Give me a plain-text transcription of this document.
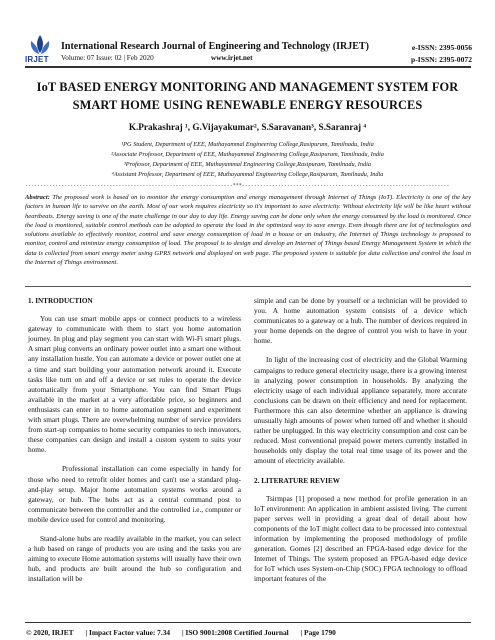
IRJET
International Research Journal of Engineering and Technology (IRJET)
Volume: 07 Issue: 02 | Feb 2020	www.irjet.net
e-ISSN: 2395-0056
p-ISSN: 2395-0072
IoT BASED ENERGY MONITORING AND MANAGEMENT SYSTEM FOR SMART HOME USING RENEWABLE ENERGY RESOURCES
K.Prakashraj ¹, G.Vijayakumar², S.Saravanan³, S.Saranraj ⁴
¹PG Student, Department of EEE, Muthayammal Engineering College,Rasipuram, Tamilnadu, India
²Associate Professor, Department of EEE, Muthayammal Engineering College,Rasipuram, Tamilnadu, India
³Professor, Department of EEE, Muthayammal Engineering College,Rasipuram, Tamilnadu, India
⁴Assistant Professor, Department of EEE, Muthayammal Engineering College,Rasipuram, Tamilnadu, India
---------------------------------------------------------------------***---------------------------------------------------------------------
Abstract: The proposed work is based on to monitor the energy consumption and energy management through Internet of Things (IoT). Electricity is one of the key factors in human life to survive on the earth. Most of our work requires electricity so it's important to save electricity. Without electricity life will be like heart without heartbeats. Energy saving is one of the main challenge in our day to day life. Energy saving can be done only when the energy consumed by the load is monitored. Once the load is monitored, suitable control methods can be adopted to operate the load in the optimized way to save energy. Even though there are lot of technologies and solutions available to effectively monitor, control and save energy consumption of load in a house or an industry, the Internet of Things technology is proposed to monitor, control and minimize energy consumption of load. The proposal is to design and develop an Internet of Things based Energy Management System in which the data is collected from smart energy meter using GPRS network and displayed on web page. The proposed system is suitable for data collection and control the load in the Internet of Things environment.
1. INTRODUCTION
You can use smart mobile apps or connect products to a wireless gateway to communicate with them to start you home automation journey. In plug and play segment you can start with Wi-Fi smart plugs. A smart plug converts an ordinary power outlet into a smart one without any installation hustle. You can automate a device or power outlet one at a time and start building your automation network around it. Execute tasks like turn on and off a device or set rules to operate the device automatically from your Smartphone. You can find Smart Plugs available in the market at a very affordable price, so beginners and enthusiasts can enter in to home automation segment and experiment with smart plugs. There are overwhelming number of service providers from start-up companies to home security companies to tech innovators, these companies can design and install a custom system to suits your home.
Professional installation can come especially in handy for those who need to retrofit older homes and can't use a standard plug-and-play setup. Major home automation systems works around a gateway, or hub. The hubs act as a central command post to communicate between the controller and the controlled i.e., computer or mobile device used for control and monitoring.
Stand-alone hubs are readily available in the market, you can select a hub based on range of products you are using and the tasks you are aiming to execute Home automation systems will usually have their own hub, and products are built around the hub so configuration and installation will be
simple and can be done by yourself or a technician will be provided to you. A home automation system consists of a device which communicates to a gateway or a hub. The number of devices required in your home depends on the degree of control you wish to have in your home.
In light of the increasing cost of electricity and the Global Warming campaigns to reduce general electricity usage, there is a growing interest in analyzing power consumption in households. By analyzing the electricity usage of each individual appliance separately, more accurate conclusions can be drawn on their efficiency and need for replacement. Furthermore this can also determine whether an appliance is drawing unusually high amounts of power when turned off and whether it should rather be unplugged. In this way electricity consumption and cost can be reduced. Most conventional prepaid power meters currently installed in households only display the total real time usage of its power and the amount of electricity available.
2. LITERATURE REVIEW
Tsirmpas [1] proposed a new method for profile generation in an IoT environment: An application in ambient assisted living. The current paper serves well in providing a great deal of detail about how components of the IoT might collect data to be processed into contextual information by implementing the proposed methodology of profile generation. Gomes [2] described an FPGA-based edge device for the Internet of Things. The system proposed an FPGA-based edge device for IoT which uses System-on-Chip (SOC) FPGA technology to offload important features of the
© 2020, IRJET | Impact Factor value: 7.34 | ISO 9001:2008 Certified Journal | Page 1790
